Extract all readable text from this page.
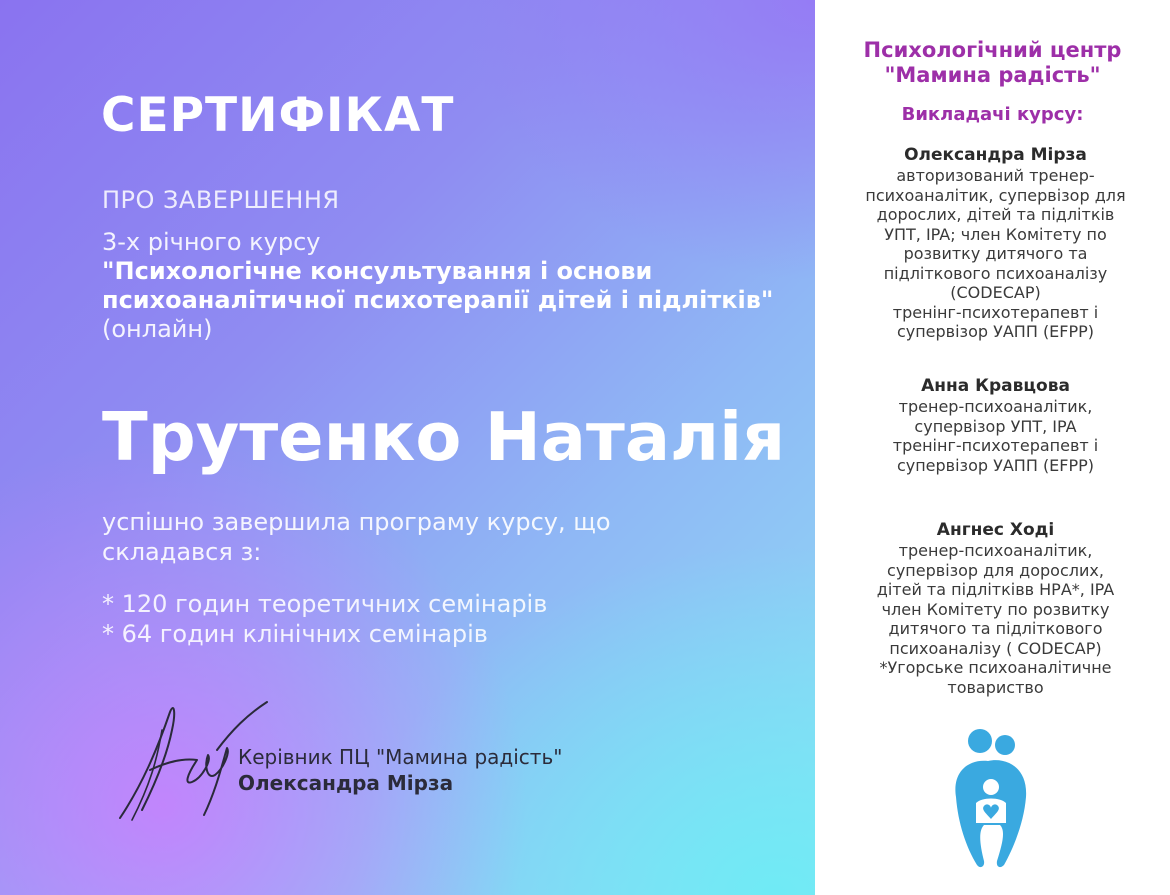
СЕРТИФІКАТ

ПРО ЗАВЕРШЕННЯ

3-х річного курсу
"Психологічне консультування і основи психоаналітичної психотерапії дітей і підлітків" (онлайн)
Трутенко Наталія

успішно завершила програму курсу, що складався з:

* 120 годин теоретичних семінарів
* 64 годин клінічних семінарів
Керівник ПЦ "Мамина радість"
Олександра Мірза
Психологічний центр "Мамина радість"
Викладачі курсу:
Олександра Мірза
авторизований тренер-
психоаналітик, супервізор для
дорослих, дітей та підлітків
УПТ, IPA; член Комітету по
розвитку дитячого та
підліткового психоаналізу
(CODECAP)
тренінг-психотерапевт і
супервізор УАПП (EFPP)
Анна Кравцова
тренер-психоаналітик,
супервізор УПТ, IPA
тренінг-психотерапевт і
супервізор УАПП (EFPP)
Ангнес Ході
тренер-психоаналітик,
супервізор для дорослих,
дітей та підлітківв НРА*, IPA
член Комітету по розвитку
дитячого та підліткового
психоаналізу ( CODECAP)
*Угорське психоаналітичне
товариство
